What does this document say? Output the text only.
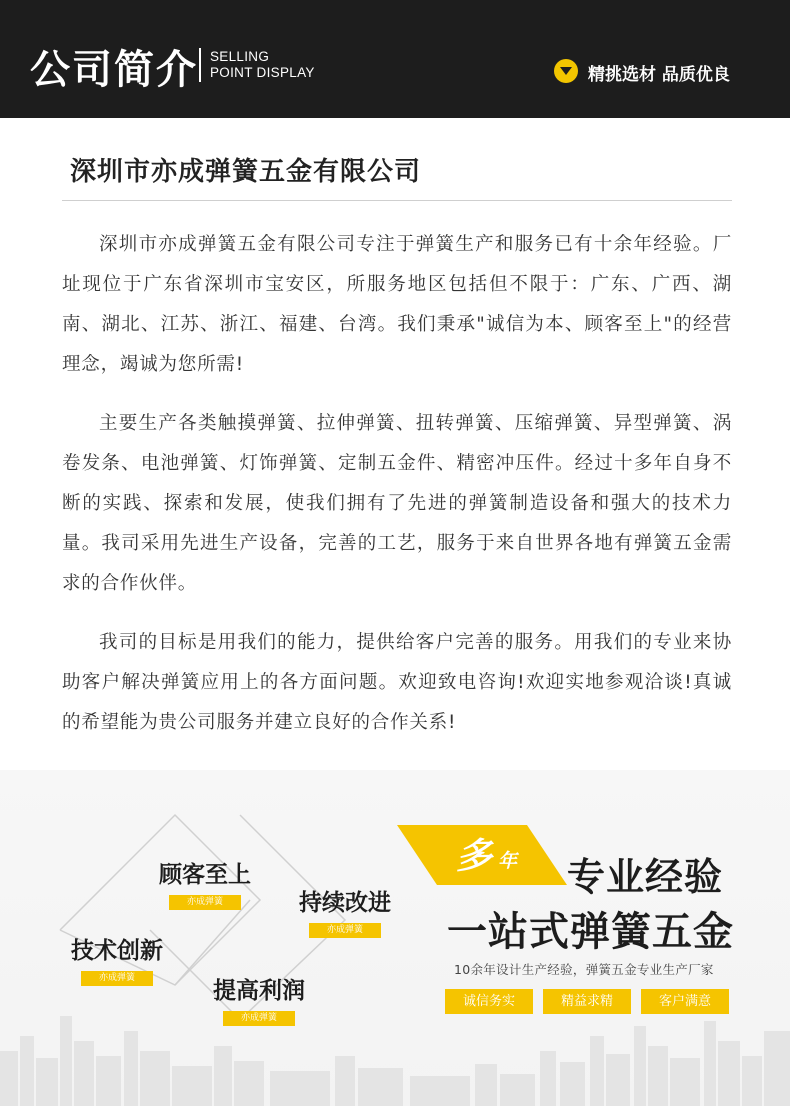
公司简介 SELLING
POINT DISPLAY	精挑选材 品质优良
深圳市亦成弹簧五金有限公司

深圳市亦成弹簧五金有限公司专注于弹簧生产和服务已有十余年经验。厂址现位于广东省深圳市宝安区，所服务地区包括但不限于：广东、广西、湖南、湖北、江苏、浙江、福建、台湾。我们秉承"诚信为本、顾客至上"的经营理念，竭诚为您所需!

主要生产各类触摸弹簧、拉伸弹簧、扭转弹簧、压缩弹簧、异型弹簧、涡卷发条、电池弹簧、灯饰弹簧、定制五金件、精密冲压件。经过十多年自身不断的实践、探索和发展，使我们拥有了先进的弹簧制造设备和强大的技术力量。我司采用先进生产设备，完善的工艺，服务于来自世界各地有弹簧五金需求的合作伙伴。

我司的目标是用我们的能力，提供给客户完善的服务。用我们的专业来协助客户解决弹簧应用上的各方面问题。欢迎致电咨询!欢迎实地参观洽谈!真诚的希望能为贵公司服务并建立良好的合作关系!

顾客至上
亦成弹簧	持续改进
亦成弹簧
技术创新
亦成弹簧	提高利润
亦成弹簧
多 年 专业经验
一站式弹簧五金
10余年设计生产经验，弹簧五金专业生产厂家
诚信务实	精益求精	客户满意
